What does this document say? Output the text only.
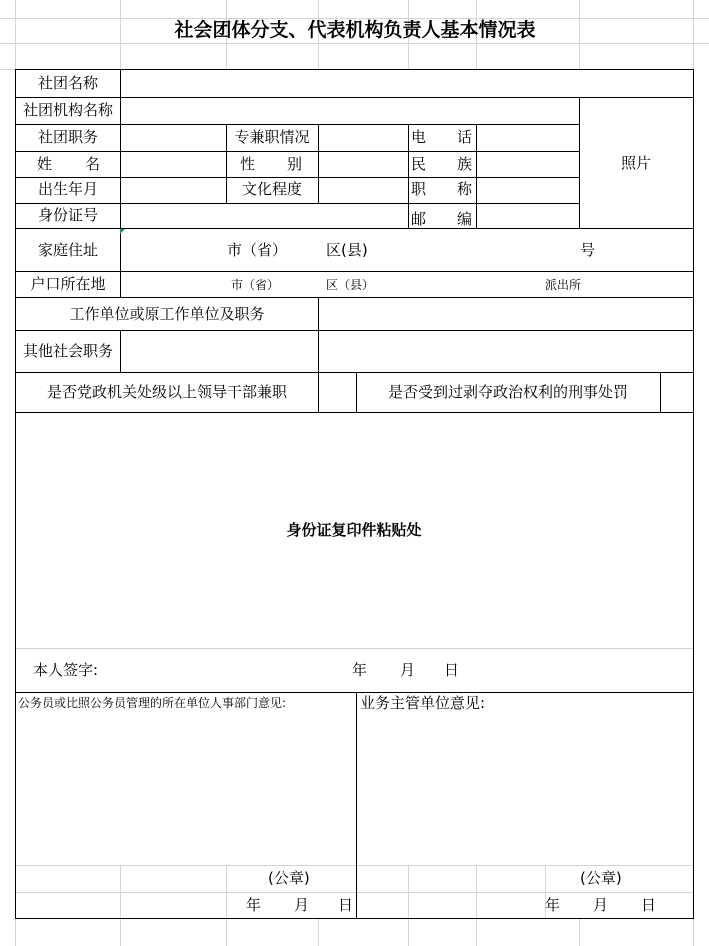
社会团体分支、代表机构负责人基本情况表
社团名称
社团机构名称
社团职务	专兼职情况	电 话
照片
姓 名	性 别	民 族
出生年月	文化程度	职 称
身份证号	邮 编
家庭住址	市（省）	区(县)	号
户口所在地	市（省）	区（县）	派出所
工作单位或原工作单位及职务
其他社会职务
是否党政机关处级以上领导干部兼职	是否受到过剥夺政治权利的刑事处罚
身份证复印件粘贴处
本人签字:	年 月 日
公务员或比照公务员管理的所在单位人事部门意见:	业务主管单位意见:
(公章)	(公章)
年 月 日	年 月 日
